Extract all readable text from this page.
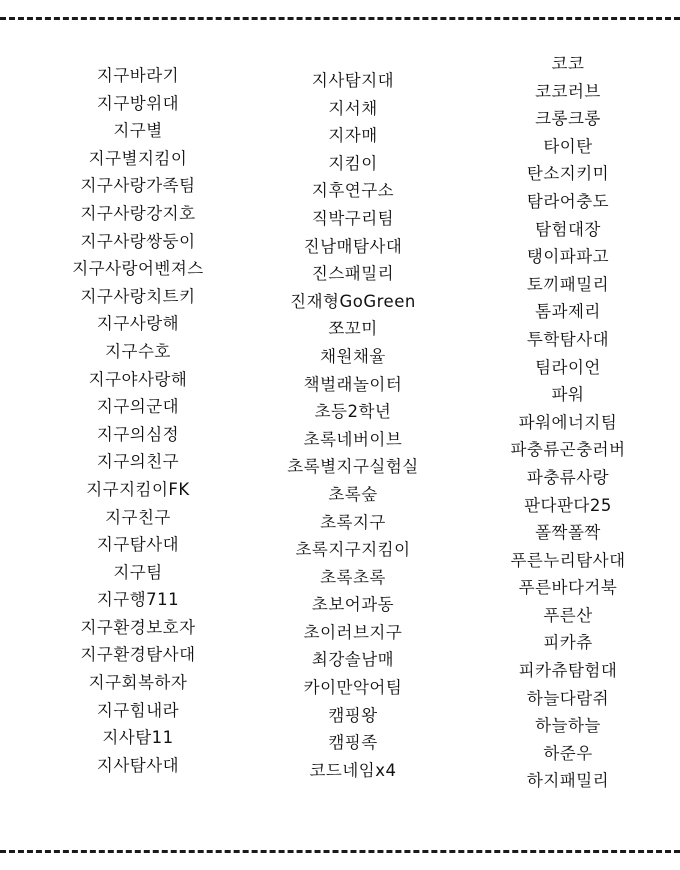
지구바라기
지구방위대
지구별
지구별지킴이
지구사랑가족팀
지구사랑강지호
지구사랑쌍둥이
지구사랑어벤져스
지구사랑치트키
지구사랑해
지구수호
지구야사랑해
지구의군대
지구의심정
지구의친구
지구지킴이FK
지구친구
지구탐사대
지구팀
지구행711
지구환경보호자
지구환경탐사대
지구회복하자
지구힘내라
지사탐11
지사탐사대
지사탐지대
지서채
지자매
지킴이
지후연구소
직박구리팀
진남매탐사대
진스패밀리
진재형GoGreen
쪼꼬미
채원채율
책벌래놀이터
초등2학년
초록네버이브
초록별지구실험실
초록숲
초록지구
초록지구지킴이
초록초록
초보어과동
초이러브지구
최강솔남매
카이만악어팀
캠핑왕
캠핑족
코드네임x4
코코
코코러브
크롱크롱
타이탄
탄소지키미
탐라어충도
탐험대장
탱이파파고
토끼패밀리
톰과제리
투학탐사대
팀라이언
파워
파워에너지팀
파충류곤충러버
파충류사랑
판다판다25
폴짝폴짝
푸른누리탐사대
푸른바다거북
푸른산
피카츄
피카츄탐험대
하늘다람쥐
하늘하늘
하준우
하지패밀리
